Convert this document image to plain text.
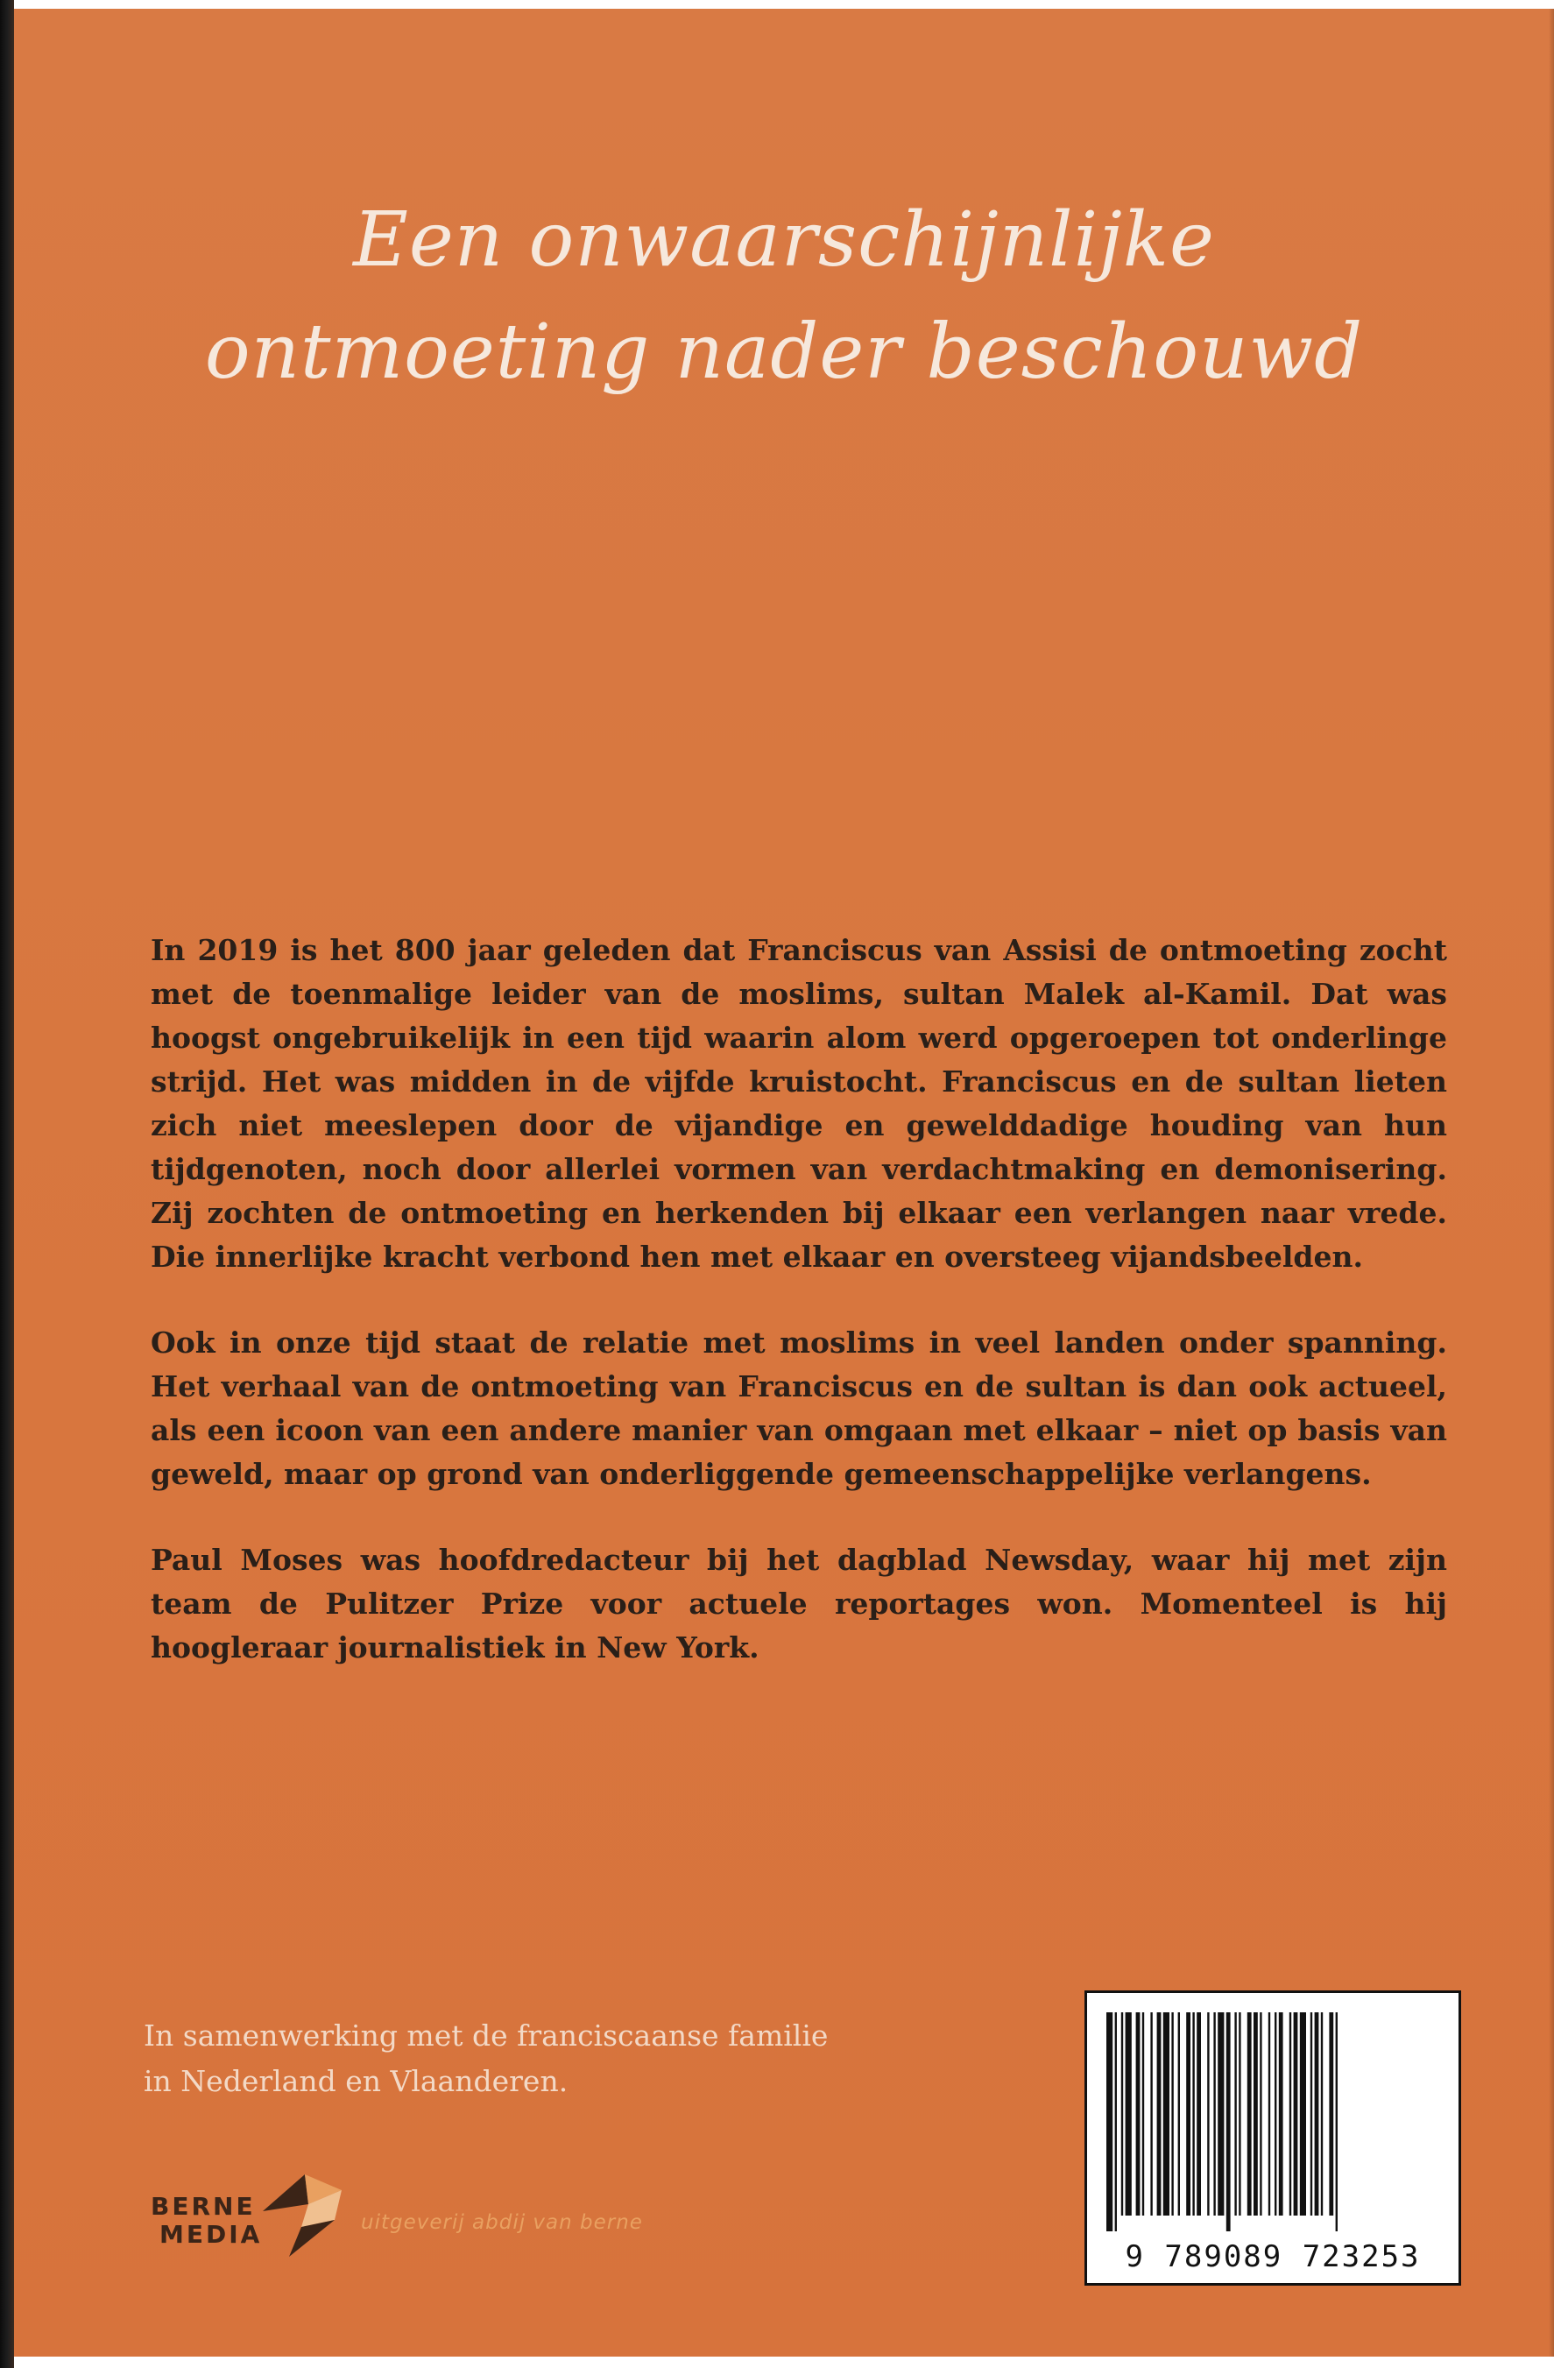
Een onwaarschijnlijke
ontmoeting nader beschouwd

In 2019 is het 800 jaar geleden dat Franciscus van Assisi de ontmoeting zocht met de toenmalige leider van de moslims, sultan Malek al-Kamil. Dat was hoogst ongebruikelijk in een tijd waarin alom werd opgeroepen tot onderlinge strijd. Het was midden in de vijfde kruistocht. Franciscus en de sultan lieten zich niet meeslepen door de vijandige en gewelddadige houding van hun tijdgenoten, noch door allerlei vormen van verdachtmaking en demonisering. Zij zochten de ontmoeting en herkenden bij elkaar een verlangen naar vrede. Die innerlijke kracht verbond hen met elkaar en oversteeg vijandsbeelden.

Ook in onze tijd staat de relatie met moslims in veel landen onder spanning. Het verhaal van de ontmoeting van Franciscus en de sultan is dan ook actueel, als een icoon van een andere manier van omgaan met elkaar – niet op basis van geweld, maar op grond van onderliggende gemeenschappelijke verlangens.

Paul Moses was hoofdredacteur bij het dagblad Newsday, waar hij met zijn team de Pulitzer Prize voor actuele reportages won. Momenteel is hij hoogleraar journalistiek in New York.

In samenwerking met de franciscaanse familie
in Nederland en Vlaanderen.
BERNE
MEDIA	uitgeverij abdij van berne
9 789089 723253
